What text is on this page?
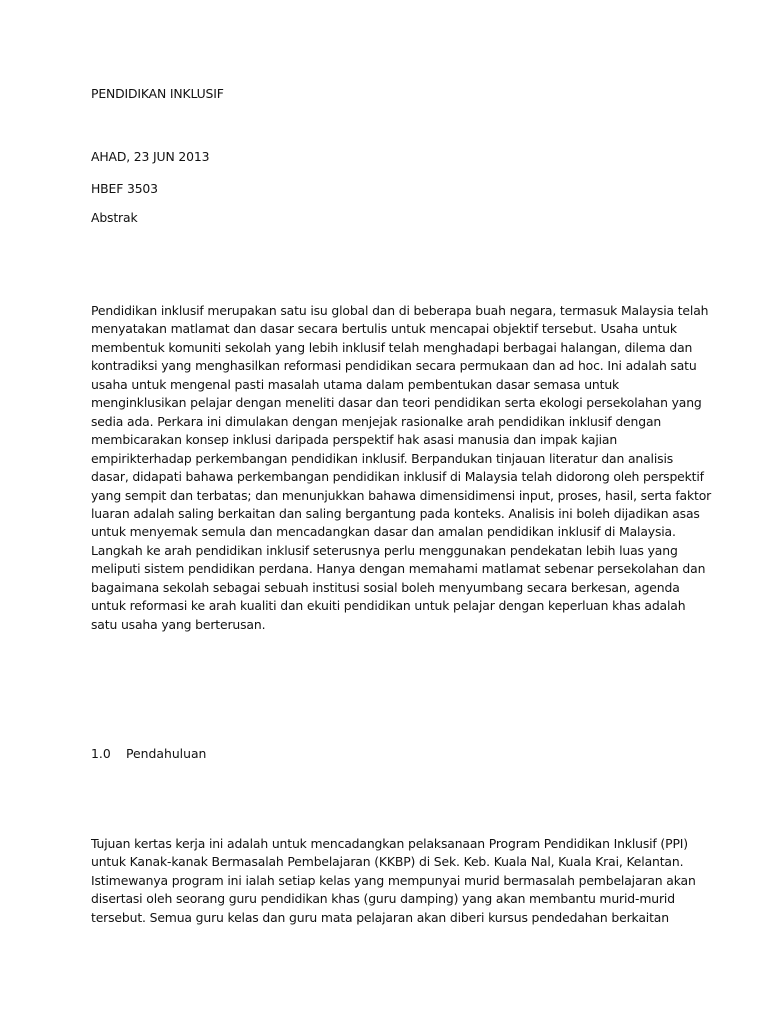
PENDIDIKAN INKLUSIF
AHAD, 23 JUN 2013
HBEF 3503
Abstrak
Pendidikan inklusif merupakan satu isu global dan di beberapa buah negara, termasuk Malaysia telah
menyatakan matlamat dan dasar secara bertulis untuk mencapai objektif tersebut. Usaha untuk
membentuk komuniti sekolah yang lebih inklusif telah menghadapi berbagai halangan, dilema dan
kontradiksi yang menghasilkan reformasi pendidikan secara permukaan dan ad hoc. Ini adalah satu
usaha untuk mengenal pasti masalah utama dalam pembentukan dasar semasa untuk
menginklusikan pelajar dengan meneliti dasar dan teori pendidikan serta ekologi persekolahan yang
sedia ada. Perkara ini dimulakan dengan menjejak rasionalke arah pendidikan inklusif dengan
membicarakan konsep inklusi daripada perspektif hak asasi manusia dan impak kajian
empirikterhadap perkembangan pendidikan inklusif. Berpandukan tinjauan literatur dan analisis
dasar, didapati bahawa perkembangan pendidikan inklusif di Malaysia telah didorong oleh perspektif
yang sempit dan terbatas; dan menunjukkan bahawa dimensidimensi input, proses, hasil, serta faktor
luaran adalah saling berkaitan dan saling bergantung pada konteks. Analisis ini boleh dijadikan asas
untuk menyemak semula dan mencadangkan dasar dan amalan pendidikan inklusif di Malaysia.
Langkah ke arah pendidikan inklusif seterusnya perlu menggunakan pendekatan lebih luas yang
meliputi sistem pendidikan perdana. Hanya dengan memahami matlamat sebenar persekolahan dan
bagaimana sekolah sebagai sebuah institusi sosial boleh menyumbang secara berkesan, agenda
untuk reformasi ke arah kualiti dan ekuiti pendidikan untuk pelajar dengan keperluan khas adalah
satu usaha yang berterusan.
1.0 Pendahuluan
Tujuan kertas kerja ini adalah untuk mencadangkan pelaksanaan Program Pendidikan Inklusif (PPI)
untuk Kanak-kanak Bermasalah Pembelajaran (KKBP) di Sek. Keb. Kuala Nal, Kuala Krai, Kelantan.
Istimewanya program ini ialah setiap kelas yang mempunyai murid bermasalah pembelajaran akan
disertasi oleh seorang guru pendidikan khas (guru damping) yang akan membantu murid-murid
tersebut. Semua guru kelas dan guru mata pelajaran akan diberi kursus pendedahan berkaitan
